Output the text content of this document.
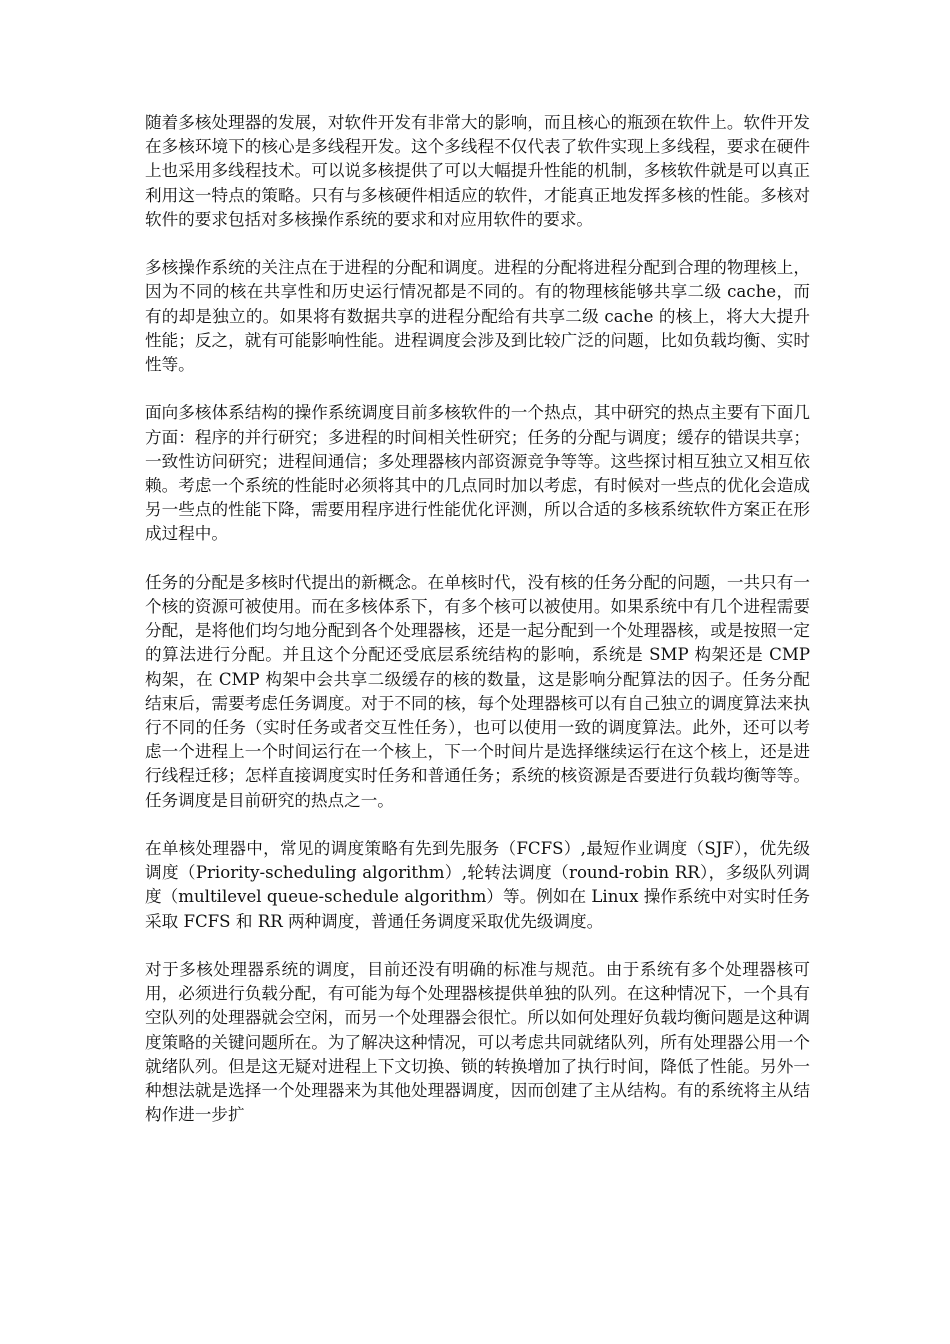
随着多核处理器的发展，对软件开发有非常大的影响，而且核心的瓶颈在软件上。软件开发在多核环境下的核心是多线程开发。这个多线程不仅代表了软件实现上多线程，要求在硬件上也采用多线程技术。可以说多核提供了可以大幅提升性能的机制，多核软件就是可以真正利用这一特点的策略。只有与多核硬件相适应的软件，才能真正地发挥多核的性能。多核对软件的要求包括对多核操作系统的要求和对应用软件的要求。

多核操作系统的关注点在于进程的分配和调度。进程的分配将进程分配到合理的物理核上，因为不同的核在共享性和历史运行情况都是不同的。有的物理核能够共享二级 cache，而有的却是独立的。如果将有数据共享的进程分配给有共享二级 cache 的核上，将大大提升性能；反之，就有可能影响性能。进程调度会涉及到比较广泛的问题，比如负载均衡、实时性等。

面向多核体系结构的操作系统调度目前多核软件的一个热点，其中研究的热点主要有下面几方面：程序的并行研究；多进程的时间相关性研究；任务的分配与调度；缓存的错误共享；一致性访问研究；进程间通信；多处理器核内部资源竞争等等。这些探讨相互独立又相互依赖。考虑一个系统的性能时必须将其中的几点同时加以考虑，有时候对一些点的优化会造成另一些点的性能下降，需要用程序进行性能优化评测，所以合适的多核系统软件方案正在形成过程中。

任务的分配是多核时代提出的新概念。在单核时代，没有核的任务分配的问题，一共只有一个核的资源可被使用。而在多核体系下，有多个核可以被使用。如果系统中有几个进程需要分配，是将他们均匀地分配到各个处理器核，还是一起分配到一个处理器核，或是按照一定的算法进行分配。并且这个分配还受底层系统结构的影响，系统是 SMP 构架还是 CMP 构架，在 CMP 构架中会共享二级缓存的核的数量，这是影响分配算法的因子。任务分配结束后，需要考虑任务调度。对于不同的核，每个处理器核可以有自己独立的调度算法来执行不同的任务（实时任务或者交互性任务），也可以使用一致的调度算法。此外，还可以考虑一个进程上一个时间运行在一个核上，下一个时间片是选择继续运行在这个核上，还是进行线程迁移；怎样直接调度实时任务和普通任务；系统的核资源是否要进行负载均衡等等。任务调度是目前研究的热点之一。

在单核处理器中，常见的调度策略有先到先服务（FCFS）,最短作业调度（SJF），优先级调度（Priority-scheduling algorithm）,轮转法调度（round-robin RR），多级队列调度（multilevel queue-schedule algorithm）等。例如在 Linux 操作系统中对实时任务采取 FCFS 和 RR 两种调度，普通任务调度采取优先级调度。

对于多核处理器系统的调度，目前还没有明确的标准与规范。由于系统有多个处理器核可用，必须进行负载分配，有可能为每个处理器核提供单独的队列。在这种情况下，一个具有空队列的处理器就会空闲，而另一个处理器会很忙。所以如何处理好负载均衡问题是这种调度策略的关键问题所在。为了解决这种情况，可以考虑共同就绪队列，所有处理器公用一个就绪队列。但是这无疑对进程上下文切换、锁的转换增加了执行时间，降低了性能。另外一种想法就是选择一个处理器来为其他处理器调度，因而创建了主从结构。有的系统将主从结构作进一步扩
